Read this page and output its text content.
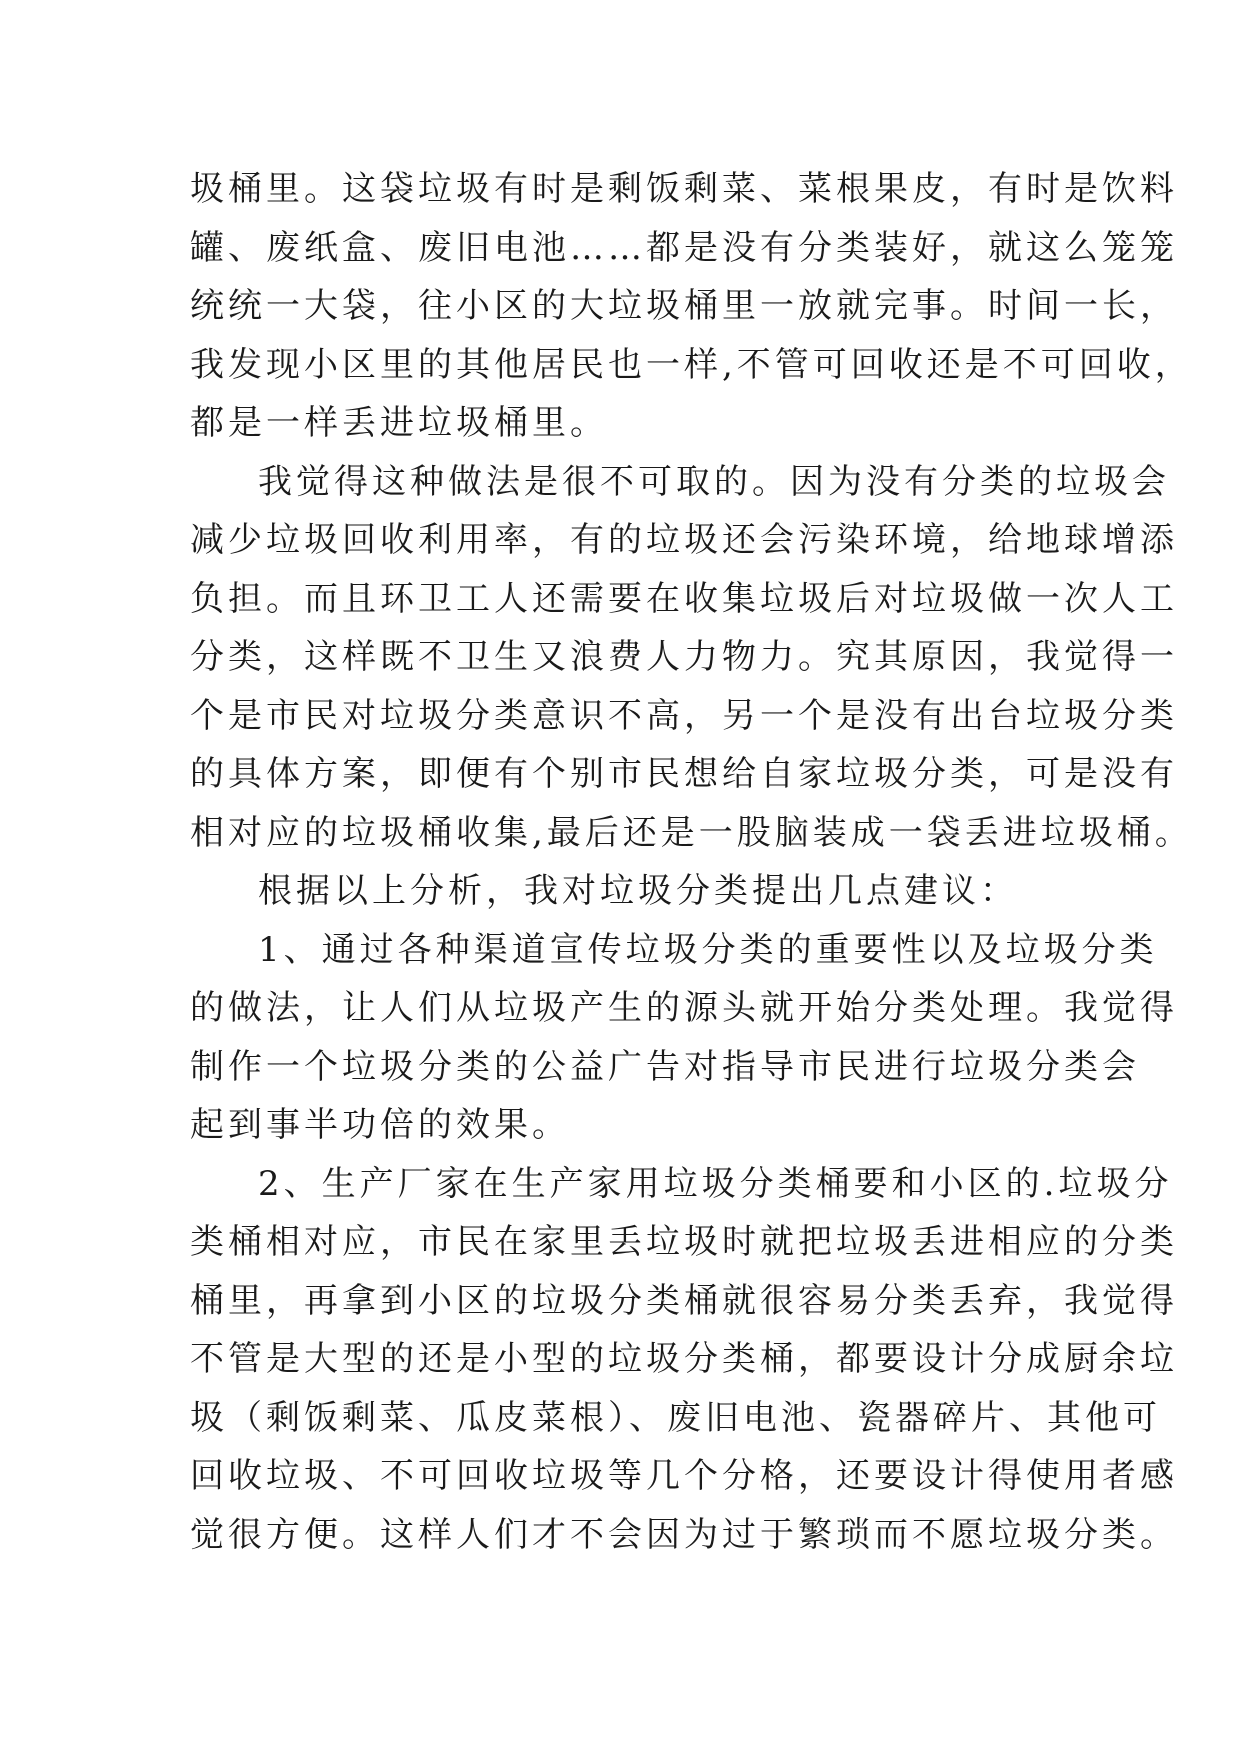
圾桶里。这袋垃圾有时是剩饭剩菜、菜根果皮，有时是饮料
罐、废纸盒、废旧电池……都是没有分类装好，就这么笼笼
统统一大袋，往小区的大垃圾桶里一放就完事。时间一长，
我发现小区里的其他居民也一样,不管可回收还是不可回收，
都是一样丢进垃圾桶里。
我觉得这种做法是很不可取的。因为没有分类的垃圾会
减少垃圾回收利用率，有的垃圾还会污染环境，给地球增添
负担。而且环卫工人还需要在收集垃圾后对垃圾做一次人工
分类，这样既不卫生又浪费人力物力。究其原因，我觉得一
个是市民对垃圾分类意识不高，另一个是没有出台垃圾分类
的具体方案，即便有个别市民想给自家垃圾分类，可是没有
相对应的垃圾桶收集,最后还是一股脑装成一袋丢进垃圾桶。
根据以上分析，我对垃圾分类提出几点建议：
1、通过各种渠道宣传垃圾分类的重要性以及垃圾分类
的做法，让人们从垃圾产生的源头就开始分类处理。我觉得
制作一个垃圾分类的公益广告对指导市民进行垃圾分类会
起到事半功倍的效果。
2、生产厂家在生产家用垃圾分类桶要和小区的.垃圾分
类桶相对应，市民在家里丢垃圾时就把垃圾丢进相应的分类
桶里，再拿到小区的垃圾分类桶就很容易分类丢弃，我觉得
不管是大型的还是小型的垃圾分类桶，都要设计分成厨余垃
圾（剩饭剩菜、瓜皮菜根）、废旧电池、瓷器碎片、其他可
回收垃圾、不可回收垃圾等几个分格，还要设计得使用者感
觉很方便。这样人们才不会因为过于繁琐而不愿垃圾分类。
